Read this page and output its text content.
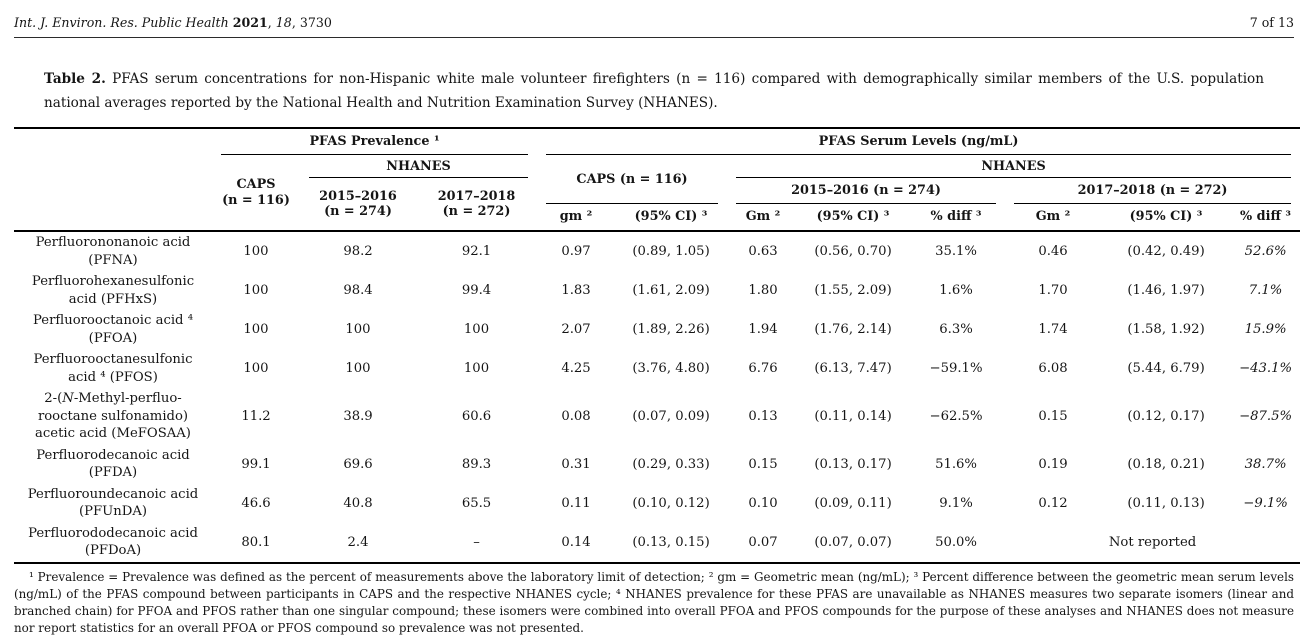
Int. J. Environ. Res. Public Health 2021, 18, 3730	7 of 13

Table 2. PFAS serum concentrations for non-Hispanic white male volunteer firefighters (n = 116) compared with demographically similar members of the U.S. population national averages reported by the National Health and Nutrition Examination Survey (NHANES).

	PFAS Prevalence ¹			PFAS Serum Levels (ng/mL)							

	CAPS
(n = 116)	NHANES		CAPS (n = 116)		NHANES					

2015–2016
(n = 274)

2017–2018
(n = 272)
	2015–2016 (n = 274)	2017–2018 (n = 272)
				gm ²	(95% CI) ³	Gm ²	(95% CI) ³	% diff ³	Gm ²	(95% CI) ³	% diff ³

Perfluorononanoic acid
(PFNA)	100	98.2	92.1	0.97	(0.89, 1.05)	0.63	(0.56, 0.70)	35.1%	0.46	(0.42, 0.49)	52.6%

Perfluorohexanesulfonic
acid (PFHxS)	100	98.4	99.4	1.83	(1.61, 2.09)	1.80	(1.55, 2.09)	1.6%	1.70	(1.46, 1.97)	7.1%

Perfluorooctanoic acid ⁴
(PFOA)	100	100	100	2.07	(1.89, 2.26)	1.94	(1.76, 2.14)	6.3%	1.74	(1.58, 1.92)	15.9%

Perfluorooctanesulfonic
acid ⁴ (PFOS)	100	100	100	4.25	(3.76, 4.80)	6.76	(6.13, 7.47)	−59.1%	6.08	(5.44, 6.79)	−43.1%

2-(N-Methyl-perfluo-
rooctane sulfonamido)
acetic acid (MeFOSAA)	11.2	38.9	60.6	0.08	(0.07, 0.09)	0.13	(0.11, 0.14)	−62.5%	0.15	(0.12, 0.17)	−87.5%

Perfluorodecanoic acid
(PFDA)	99.1	69.6	89.3	0.31	(0.29, 0.33)	0.15	(0.13, 0.17)	51.6%	0.19	(0.18, 0.21)	38.7%

Perfluoroundecanoic acid
(PFUnDA)	46.6	40.8	65.5	0.11	(0.10, 0.12)	0.10	(0.09, 0.11)	9.1%	0.12	(0.11, 0.13)	−9.1%

Perfluorododecanoic acid
(PFDoA)	80.1	2.4	–	0.14	(0.13, 0.15)	0.07	(0.07, 0.07)	50.0%	Not reported		

¹ Prevalence = Prevalence was defined as the percent of measurements above the laboratory limit of detection; ² gm = Geometric mean (ng/mL); ³ Percent difference between the geometric mean serum levels (ng/mL) of the PFAS compound between participants in CAPS and the respective NHANES cycle; ⁴ NHANES prevalence for these PFAS are unavailable as NHANES measures two separate isomers (linear and branched chain) for PFOA and PFOS rather than one singular compound; these isomers were combined into overall PFOA and PFOS compounds for the purpose of these analyses and NHANES does not measure nor report statistics for an overall PFOA or PFOS compound so prevalence was not presented.
